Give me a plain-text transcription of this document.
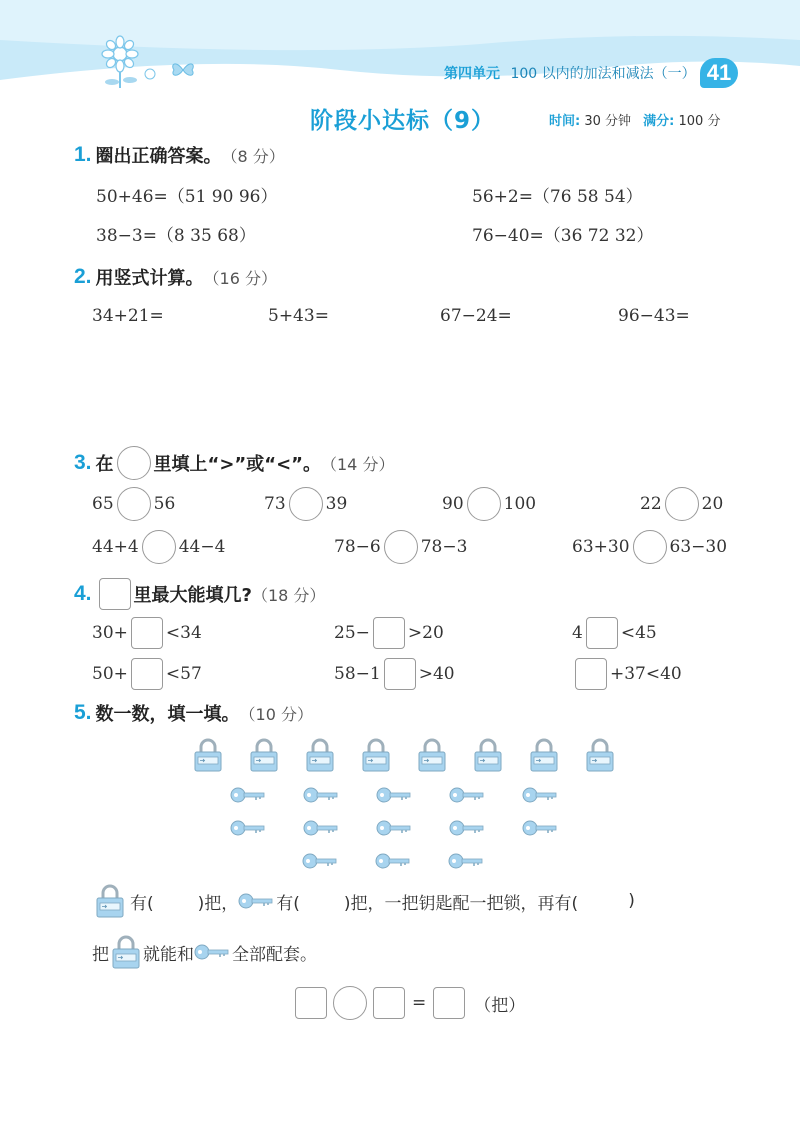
第四单元 100 以内的加法和减法（一） 41
阶段小达标（9）	时间: 30 分钟 满分: 100 分
1. 圈出正确答案。 （8 分）
50+46=（51 90 96）	56+2=（76 58 54）
38−3=（8 35 68）	76−40=（36 72 32）
2. 用竖式计算。 （16 分）
34+21=	5+43=	67−24=	96−43=
3. 在 里填上“>”或“<”。 （14 分）
65 56	73 39	90 100	22 20
44+4 44−4	78−6 78−3	63+30 63−30
4. 里最大能填几? （18 分）
30+ <34	25− >20	4 <45
50+ <57	58−1 >40	+37<40
5. 数一数，填一填。 （10 分）
有(	)把， 有(	)把，一把钥匙配一把锁，再有(	)
把 就能和 全部配套。
=	（把）
